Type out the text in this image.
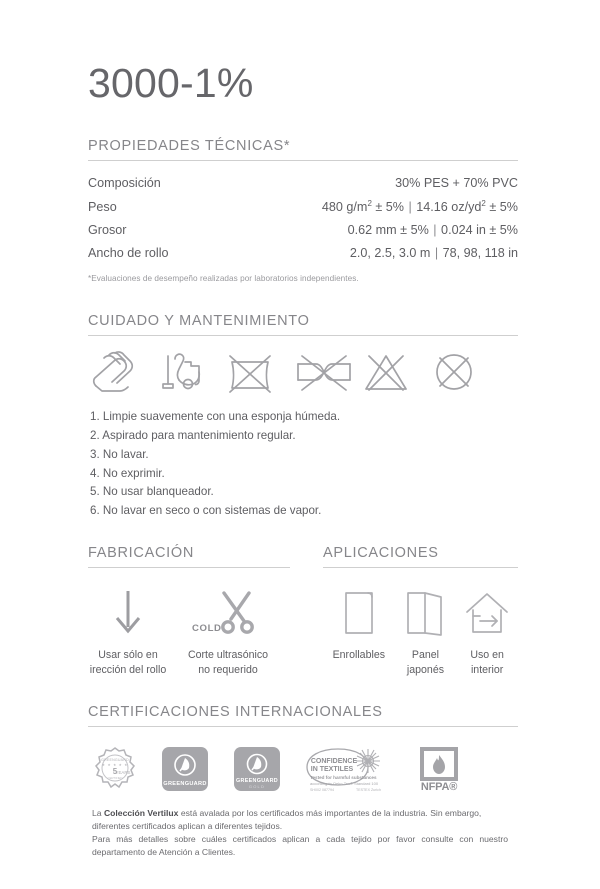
3000-1%
PROPIEDADES TÉCNICAS*
Composición	30% PES + 70% PVC
Peso	480 $g/m^2 \pm 5\%$ | 14.16 $oz/yd^2 \pm 5\%$
Grosor	0.62 mm ± 5% | 0.024 in ± 5%
Ancho de rollo	2.0, 2.5, 3.0 m | 78, 98, 118 in
*Evaluaciones de desempeño realizadas por laboratorios independientes.
CUIDADO Y MANTENIMIENTO
1. Limpie suavemente con una esponja húmeda.
2. Aspirado para mantenimiento regular.
3. No lavar.
4. No exprimir.
5. No usar blanqueador.
6. No lavar en seco o con sistemas de vapor.
FABRICACIÓN
Usar sólo en
irección del rollo
COLD
Corte ultrasónico
no requerido
APLICACIONES
Enrollables	Panel
japonés
Uso en
interior
CERTIFICACIONES INTERNACIONALES
GREENGUARD
★ ★ ★ ★ ★
5
YEARS
CERTIFIED
GREENGUARD	GREENGUARD
GOLD
CONFIDENCE
IN TEXTILES
Tested for harmful substances
according to Oeko-Tex® Standard 100
SH002 087794	TESTEX Zurich	NFPA®

La Colección Vertilux está avalada por los certificados más importantes de la industria. Sin embargo, diferentes certificados aplican a diferentes tejidos.

Para más detalles sobre cuáles certificados aplican a cada tejido por favor consulte con nuestro departamento de Atención a Clientes.
